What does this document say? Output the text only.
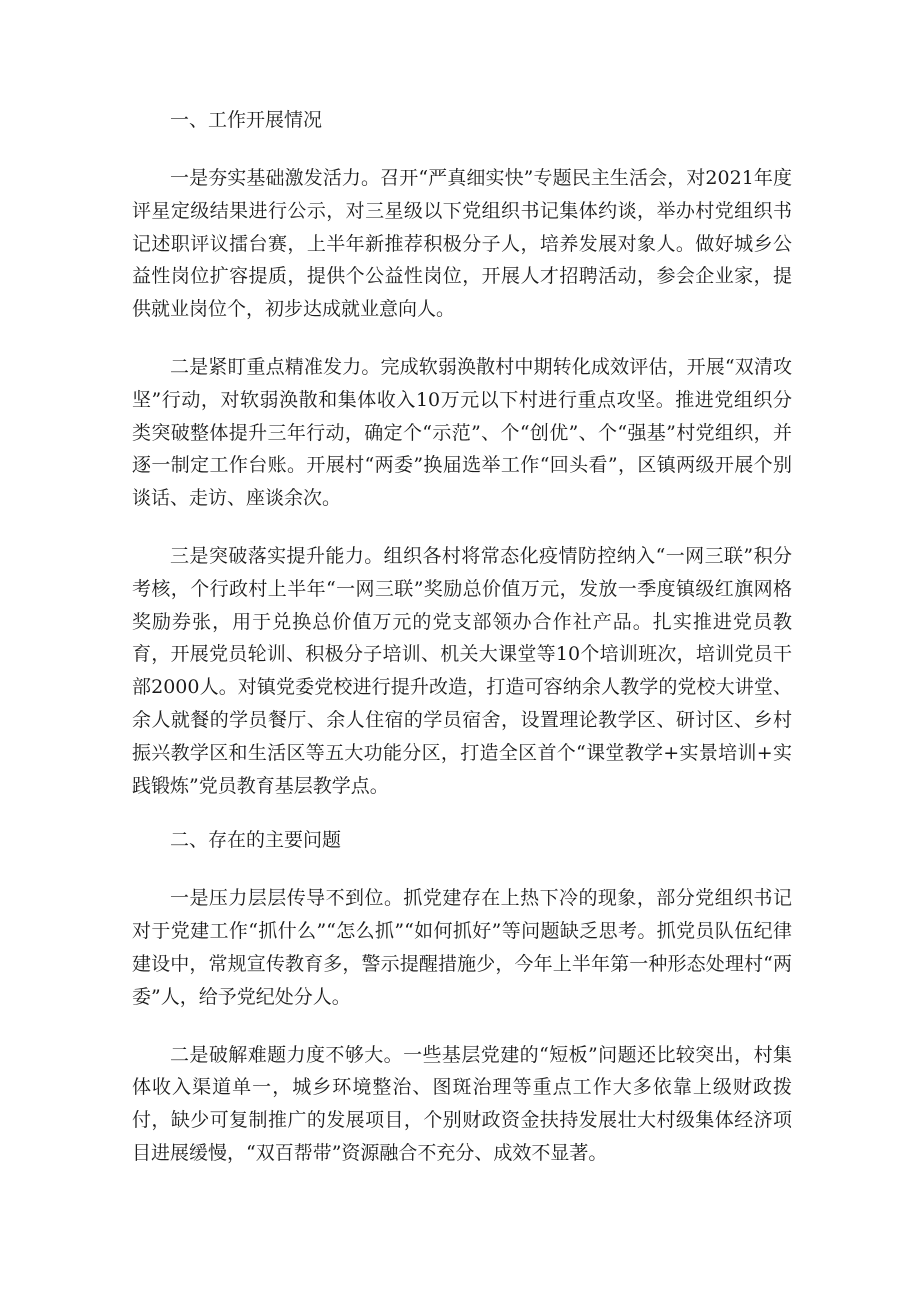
一、工作开展情况

一是夯实基础激发活力。召开“严真细实快”专题民主生活会，对2021年度评星定级结果进行公示，对三星级以下党组织书记集体约谈，举办村党组织书记述职评议擂台赛，上半年新推荐积极分子人，培养发展对象人。做好城乡公益性岗位扩容提质，提供个公益性岗位，开展人才招聘活动，参会企业家，提供就业岗位个，初步达成就业意向人。

二是紧盯重点精准发力。完成软弱涣散村中期转化成效评估，开展“双清攻坚”行动，对软弱涣散和集体收入10万元以下村进行重点攻坚。推进党组织分类突破整体提升三年行动，确定个“示范”、个“创优”、个“强基”村党组织，并逐一制定工作台账。开展村“两委”换届选举工作“回头看”，区镇两级开展个别谈话、走访、座谈余次。

三是突破落实提升能力。组织各村将常态化疫情防控纳入“一网三联”积分考核，个行政村上半年“一网三联”奖励总价值万元，发放一季度镇级红旗网格奖励券张，用于兑换总价值万元的党支部领办合作社产品。扎实推进党员教育，开展党员轮训、积极分子培训、机关大课堂等10个培训班次，培训党员干部2000人。对镇党委党校进行提升改造，打造可容纳余人教学的党校大讲堂、余人就餐的学员餐厅、余人住宿的学员宿舍，设置理论教学区、研讨区、乡村振兴教学区和生活区等五大功能分区，打造全区首个“课堂教学+实景培训+实践锻炼”党员教育基层教学点。

二、存在的主要问题

一是压力层层传导不到位。抓党建存在上热下冷的现象，部分党组织书记对于党建工作“抓什么”“怎么抓”“如何抓好”等问题缺乏思考。抓党员队伍纪律建设中，常规宣传教育多，警示提醒措施少，今年上半年第一种形态处理村“两委”人，给予党纪处分人。

二是破解难题力度不够大。一些基层党建的“短板”问题还比较突出，村集体收入渠道单一，城乡环境整治、图斑治理等重点工作大多依靠上级财政拨付，缺少可复制推广的发展项目，个别财政资金扶持发展壮大村级集体经济项目进展缓慢，“双百帮带”资源融合不充分、成效不显著。
